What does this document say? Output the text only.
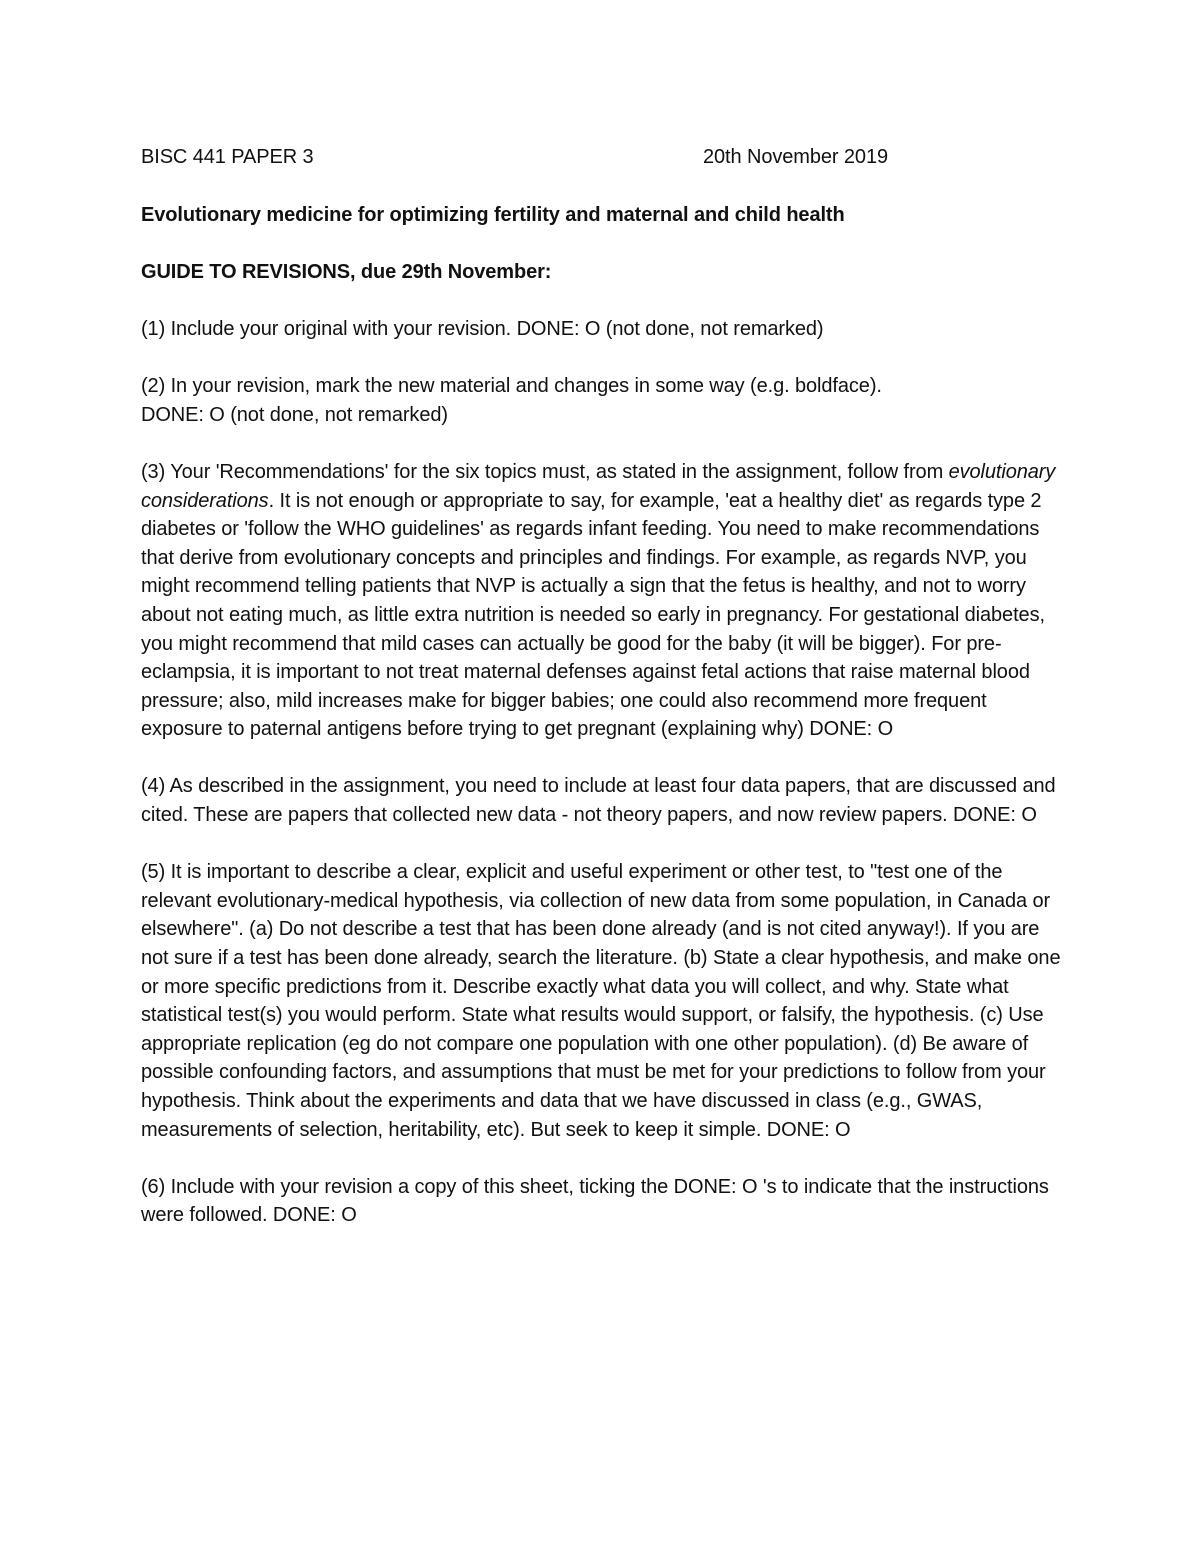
BISC 441 PAPER 3	20th November 2019

Evolutionary medicine for optimizing fertility and maternal and child health

GUIDE TO REVISIONS, due 29th November:

(1) Include your original with your revision. DONE: O (not done, not remarked)

(2) In your revision, mark the new material and changes in some way (e.g. boldface).
DONE: O (not done, not remarked)

(3) Your 'Recommendations' for the six topics must, as stated in the assignment, follow from evolutionary considerations. It is not enough or appropriate to say, for example, 'eat a healthy diet' as regards type 2 diabetes or 'follow the WHO guidelines' as regards infant feeding. You need to make recommendations that derive from evolutionary concepts and principles and findings. For example, as regards NVP, you might recommend telling patients that NVP is actually a sign that the fetus is healthy, and not to worry about not eating much, as little extra nutrition is needed so early in pregnancy. For gestational diabetes, you might recommend that mild cases can actually be good for the baby (it will be bigger). For pre-eclampsia, it is important to not treat maternal defenses against fetal actions that raise maternal blood pressure; also, mild increases make for bigger babies; one could also recommend more frequent exposure to paternal antigens before trying to get pregnant (explaining why) DONE: O

(4) As described in the assignment, you need to include at least four data papers, that are discussed and cited. These are papers that collected new data - not theory papers, and now review papers. DONE: O

(5) It is important to describe a clear, explicit and useful experiment or other test, to "test one of the relevant evolutionary-medical hypothesis, via collection of new data from some population, in Canada or elsewhere". (a) Do not describe a test that has been done already (and is not cited anyway!). If you are not sure if a test has been done already, search the literature. (b) State a clear hypothesis, and make one or more specific predictions from it. Describe exactly what data you will collect, and why. State what statistical test(s) you would perform. State what results would support, or falsify, the hypothesis. (c) Use appropriate replication (eg do not compare one population with one other population). (d) Be aware of possible confounding factors, and assumptions that must be met for your predictions to follow from your hypothesis. Think about the experiments and data that we have discussed in class (e.g., GWAS, measurements of selection, heritability, etc). But seek to keep it simple. DONE: O

(6) Include with your revision a copy of this sheet, ticking the DONE: O 's to indicate that the instructions were followed. DONE: O
